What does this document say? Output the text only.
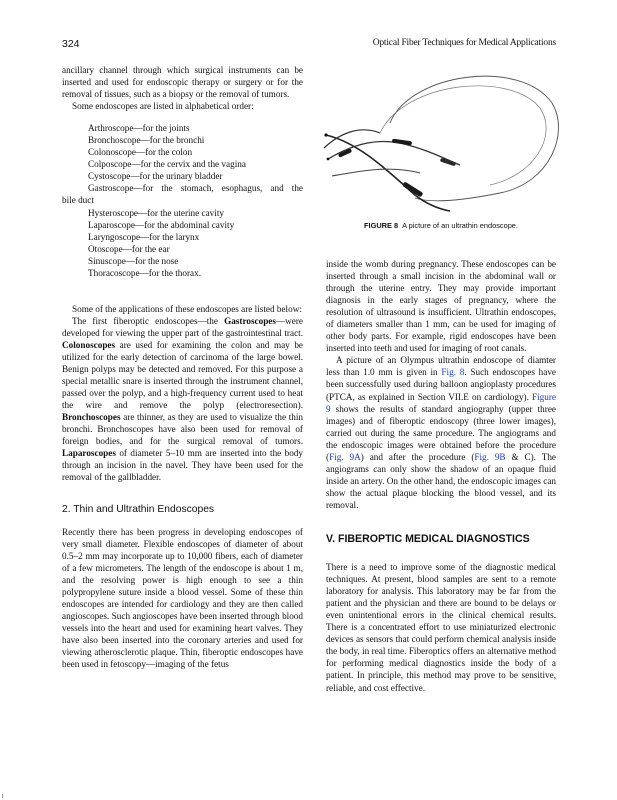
324	Optical Fiber Techniques for Medical Applications

ancillary channel through which surgical instruments can be inserted and used for endoscopic therapy or surgery or for the removal of tissues, such as a biopsy or the removal of tumors.

Some endoscopes are listed in alphabetical order:

Arthroscope—for the joints
Bronchoscope—for the bronchi
Colonoscope—for the colon
Colposcope—for the cervix and the vagina
Cystoscope—for the urinary bladder
Gastroscope—for the stomach, esophagus, and the
bile duct
Hysteroscope—for the uterine cavity
Laparoscope—for the abdominal cavity
Laryngoscope—for the larynx
Otoscope—for the ear
Sinuscope—for the nose
Thoracoscope—for the thorax.

Some of the applications of these endoscopes are listed below:

The first fiberoptic endoscopes—the Gastroscopes—were developed for viewing the upper part of the gastrointestinal tract. Colonoscopes are used for examining the colon and may be utilized for the early detection of carcinoma of the large bowel. Benign polyps may be detected and removed. For this purpose a special metallic snare is inserted through the instrument channel, passed over the polyp, and a high-frequency current used to heat the wire and remove the polyp (electroresection). Bronchoscopes are thinner, as they are used to visualize the thin bronchi. Bronchoscopes have also been used for removal of foreign bodies, and for the surgical removal of tumors. Laparoscopes of diameter 5–10 mm are inserted into the body through an incision in the navel. They have been used for the removal of the gallbladder.

2. Thin and Ultrathin Endoscopes

Recently there has been progress in developing endoscopes of very small diameter. Flexible endoscopes of diameter of about 0.5–2 mm may incorporate up to 10,000 fibers, each of diameter of a few micrometers. The length of the endoscope is about 1 m, and the resolving power is high enough to see a thin polypropylene suture inside a blood vessel. Some of these thin endoscopes are intended for cardiology and they are then called angioscopes. Such angioscopes have been inserted through blood vessels into the heart and used for examining heart valves. They have also been inserted into the coronary arteries and used for viewing atherosclerotic plaque. Thin, fiberoptic endoscopes have been used in fetoscopy—imaging of the fetus

FIGURE 8 A picture of an ultrathin endoscope.

inside the womb during pregnancy. These endoscopes can be inserted through a small incision in the abdominal wall or through the uterine entry. They may provide important diagnosis in the early stages of pregnancy, where the resolution of ultrasound is insufficient. Ultrathin endoscopes, of diameters smaller than 1 mm, can be used for imaging of other body parts. For example, rigid endoscopes have been inserted into teeth and used for imaging of root canals.

A picture of an Olympus ultrathin endoscope of diamter less than 1.0 mm is given in Fig. 8. Such endoscopes have been successfully used during balloon angioplasty procedures (PTCA, as explained in Section VII.E on cardiology). Figure 9 shows the results of standard angiography (upper three images) and of fiberoptic endoscopy (three lower images), carried out during the same procedure. The angiograms and the endoscopic images were obtained before the procedure (Fig. 9A) and after the procedure (Fig. 9B & C). The angiograms can only show the shadow of an opaque fluid inside an artery. On the other hand, the endoscopic images can show the actual plaque blocking the blood vessel, and its removal.

V. FIBEROPTIC MEDICAL DIAGNOSTICS

There is a need to improve some of the diagnostic medical techniques. At present, blood samples are sent to a remote laboratory for analysis. This laboratory may be far from the patient and the physician and there are bound to be delays or even unintentional errors in the clinical chemical results. There is a concentrated effort to use miniaturized electronic devices as sensors that could perform chemical analysis inside the body, in real time. Fiberoptics offers an alternative method for performing medical diagnostics inside the body of a patient. In principle, this method may prove to be sensitive, reliable, and cost effective.
